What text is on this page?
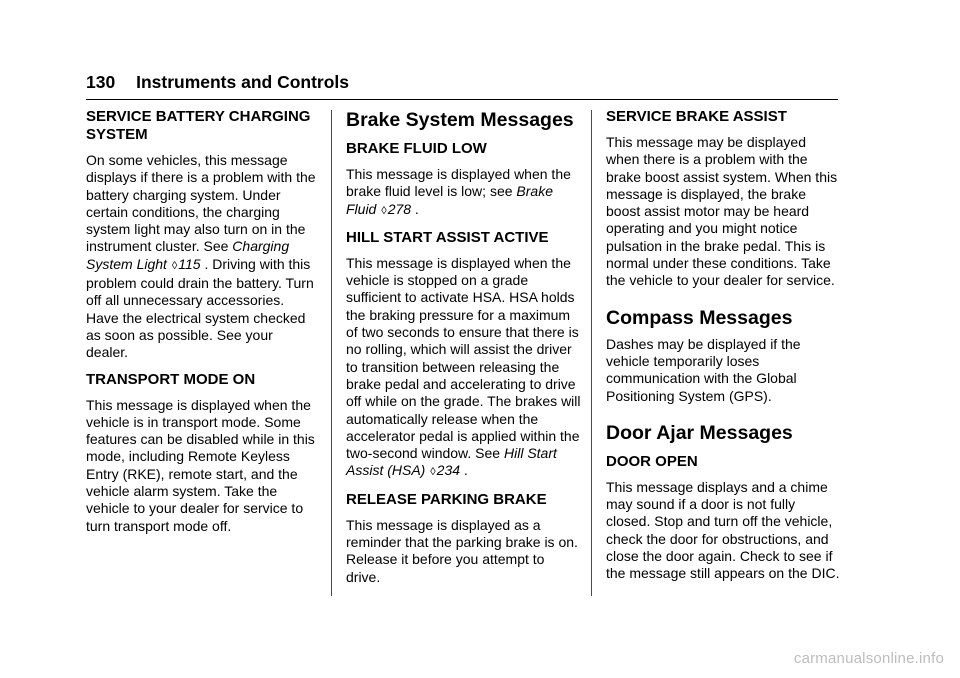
130 Instruments and Controls
SERVICE BATTERY CHARGING SYSTEM

On some vehicles, this message displays if there is a problem with the battery charging system. Under certain conditions, the charging system light may also turn on in the instrument cluster. See Charging System Light ◊115 . Driving with this problem could drain the battery. Turn off all unnecessary accessories. Have the electrical system checked as soon as possible. See your dealer.

TRANSPORT MODE ON

This message is displayed when the vehicle is in transport mode. Some features can be disabled while in this mode, including Remote Keyless Entry (RKE), remote start, and the vehicle alarm system. Take the vehicle to your dealer for service to turn transport mode off.

Brake System Messages
BRAKE FLUID LOW

This message is displayed when the brake fluid level is low; see Brake Fluid ◊278 .

HILL START ASSIST ACTIVE

This message is displayed when the vehicle is stopped on a grade sufficient to activate HSA. HSA holds the braking pressure for a maximum of two seconds to ensure that there is no rolling, which will assist the driver to transition between releasing the brake pedal and accelerating to drive off while on the grade. The brakes will automatically release when the accelerator pedal is applied within the two-second window. See Hill Start Assist (HSA) ◊234 .

RELEASE PARKING BRAKE

This message is displayed as a reminder that the parking brake is on. Release it before you attempt to drive.

SERVICE BRAKE ASSIST

This message may be displayed when there is a problem with the brake boost assist system. When this message is displayed, the brake boost assist motor may be heard operating and you might notice pulsation in the brake pedal. This is normal under these conditions. Take the vehicle to your dealer for service.

Compass Messages

Dashes may be displayed if the vehicle temporarily loses communication with the Global Positioning System (GPS).

Door Ajar Messages
DOOR OPEN

This message displays and a chime may sound if a door is not fully closed. Stop and turn off the vehicle, check the door for obstructions, and close the door again. Check to see if the message still appears on the DIC.

carmanualsonline.info
